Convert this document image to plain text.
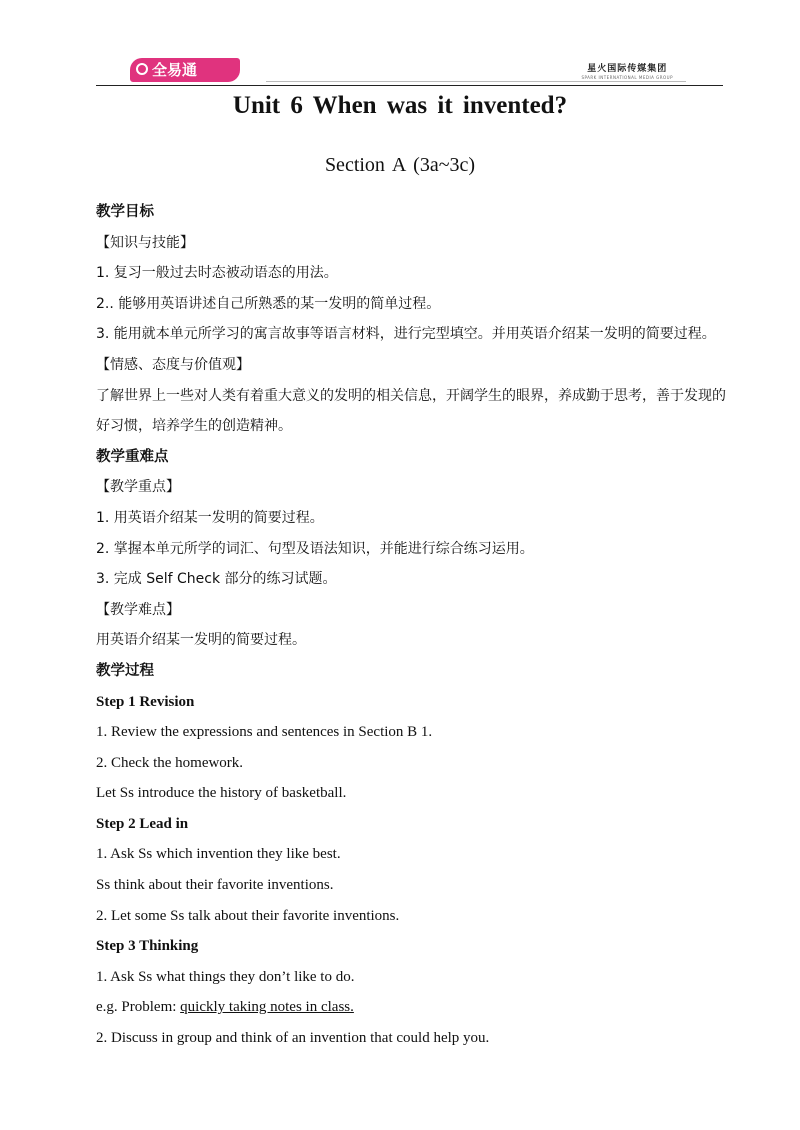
全易通	星火国际传媒集团
SPARK INTERNATIONAL MEDIA GROUP
Unit 6 When was it invented?
Section A (3a~3c)
教学目标
【知识与技能】
1. 复习一般过去时态被动语态的用法。
2.. 能够用英语讲述自己所熟悉的某一发明的简单过程。
3. 能用就本单元所学习的寓言故事等语言材料，进行完型填空。并用英语介绍某一发明的简要过程。
【情感、态度与价值观】
了解世界上一些对人类有着重大意义的发明的相关信息，开阔学生的眼界，养成勤于思考，善于发现的好习惯，培养学生的创造精神。
教学重难点
【教学重点】
1. 用英语介绍某一发明的简要过程。
2. 掌握本单元所学的词汇、句型及语法知识，并能进行综合练习运用。
3. 完成 Self Check 部分的练习试题。
【教学难点】
用英语介绍某一发明的简要过程。
教学过程
Step 1 Revision
1. Review the expressions and sentences in Section B 1.
2. Check the homework.
Let Ss introduce the history of basketball.
Step 2 Lead in
1. Ask Ss which invention they like best.
Ss think about their favorite inventions.
2. Let some Ss talk about their favorite inventions.
Step 3 Thinking
1. Ask Ss what things they don’t like to do.
e.g. Problem: quickly taking notes in class.
2. Discuss in group and think of an invention that could help you.
